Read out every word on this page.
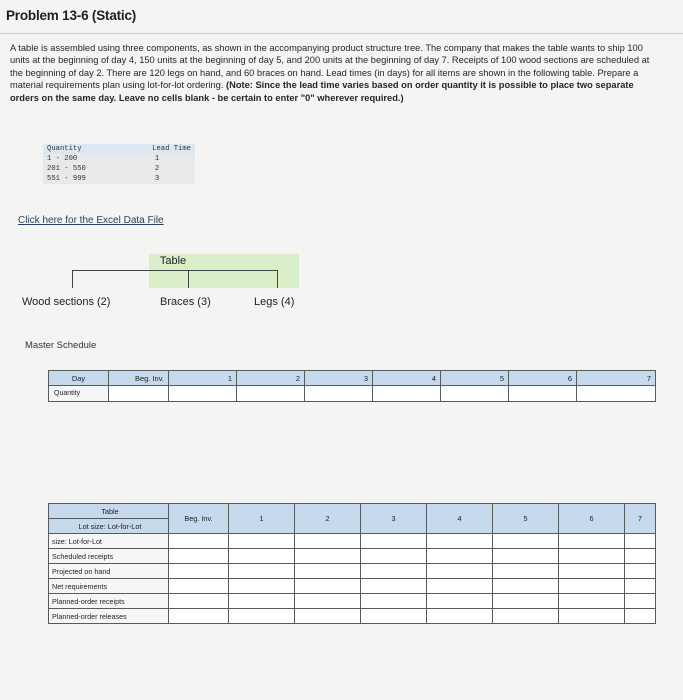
Problem 13-6 (Static)
A table is assembled using three components, as shown in the accompanying product structure tree. The company that makes the table wants to ship 100 units at the beginning of day 4, 150 units at the beginning of day 5, and 200 units at the beginning of day 7. Receipts of 100 wood sections are scheduled at the beginning of day 2. There are 120 legs on hand, and 60 braces on hand. Lead times (in days) for all items are shown in the following table. Prepare a material requirements plan using lot-for-lot ordering. (Note: Since the lead time varies based on order quantity it is possible to place two separate orders on the same day. Leave no cells blank - be certain to enter "0" wherever required.)
Quantity	Lead Time
1 - 200	1
201 - 550	2
551 - 999	3
Click here for the Excel Data File
Table
Wood sections (2)	Braces (3)	Legs (4)
Master Schedule
Day	Beg. Inv.	1	2	3	4	5	6	7
Quantity								
Table	Beg. Inv.	1	2	3	4	5	6	7
Lot size: Lot-for-Lot								
size: Lot-for-Lot								
Scheduled receipts								
Projected on hand								
Net requirements								
Planned-order receipts								
Planned-order releases								
